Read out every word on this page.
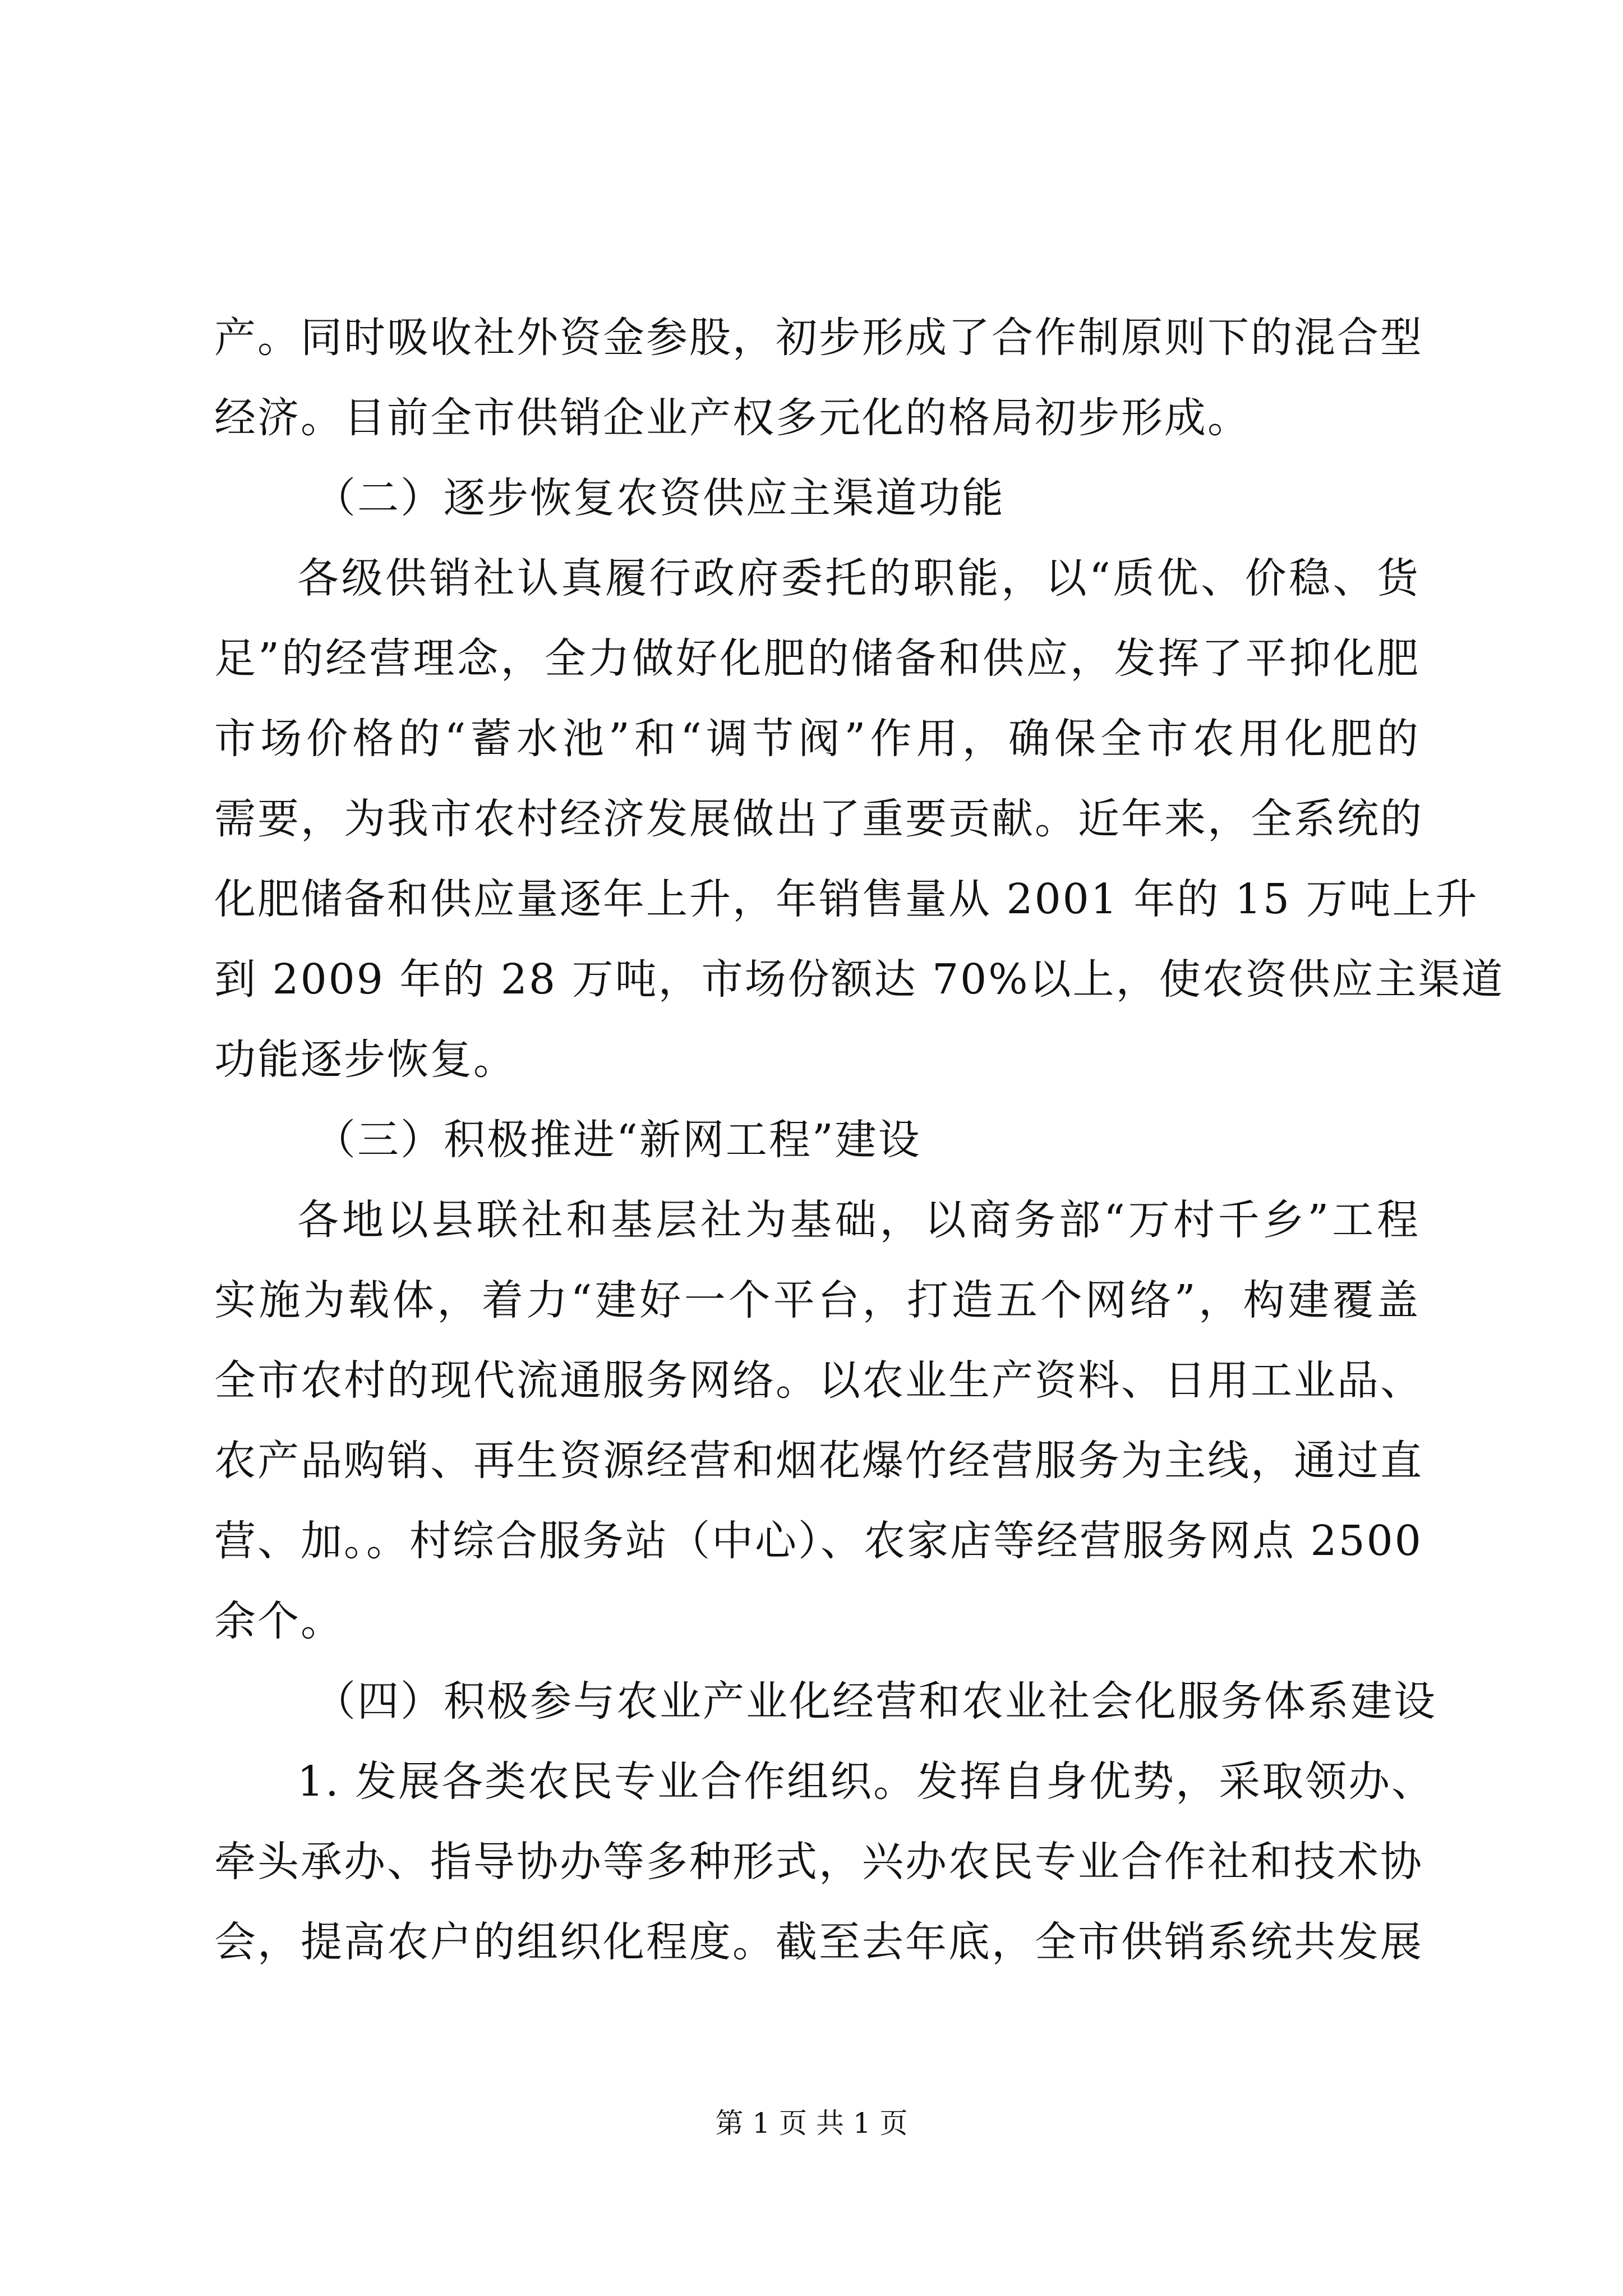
产。同时吸收社外资金参股，初步形成了合作制原则下的混合型
经济。目前全市供销企业产权多元化的格局初步形成。
（二）逐步恢复农资供应主渠道功能
各级供销社认真履行政府委托的职能，以“质优、价稳、货
足”的经营理念，全力做好化肥的储备和供应，发挥了平抑化肥
市场价格的“蓄水池”和“调节阀”作用，确保全市农用化肥的
需要，为我市农村经济发展做出了重要贡献。近年来，全系统的
化肥储备和供应量逐年上升，年销售量从 2001 年的 15 万吨上升
到 2009 年的 28 万吨，市场份额达 70%以上，使农资供应主渠道
功能逐步恢复。
（三）积极推进“新网工程”建设
各地以县联社和基层社为基础，以商务部“万村千乡”工程
实施为载体，着力“建好一个平台，打造五个网络”，构建覆盖
全市农村的现代流通服务网络。以农业生产资料、日用工业品、
农产品购销、再生资源经营和烟花爆竹经营服务为主线，通过直
营、加。。村综合服务站（中心）、农家店等经营服务网点 2500
余个。
（四）积极参与农业产业化经营和农业社会化服务体系建设
1. 发展各类农民专业合作组织。发挥自身优势，采取领办、
牵头承办、指导协办等多种形式，兴办农民专业合作社和技术协
会，提高农户的组织化程度。截至去年底，全市供销系统共发展
第 1 页 共 1 页
